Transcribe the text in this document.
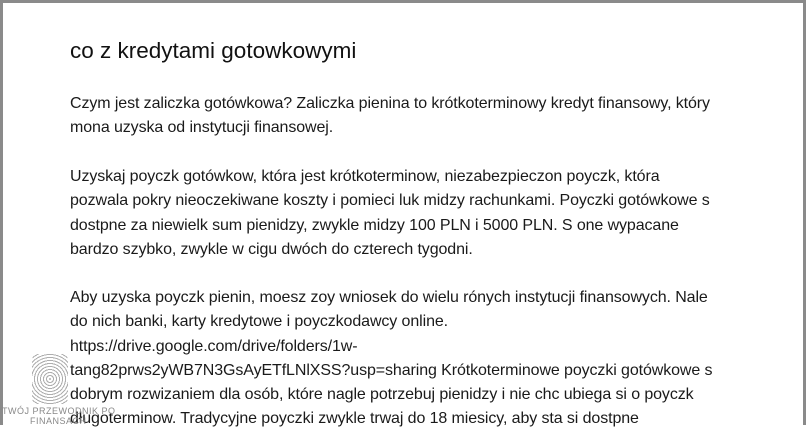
co z kredytami gotowkowymi
Czym jest zaliczka gotówkowa? Zaliczka pienina to krótkoterminowy kredyt finansowy, który
mona uzyska od instytucji finansowej.
Uzyskaj poyczk gotówkow, która jest krótkoterminow, niezabezpieczon poyczk, która
pozwala pokry nieoczekiwane koszty i pomieci luk midzy rachunkami. Poyczki gotówkowe s
dostpne za niewielk sum pienidzy, zwykle midzy 100 PLN i 5000 PLN. S one wypacane
bardzo szybko, zwykle w cigu dwóch do czterech tygodni.
Aby uzyska poyczk pienin, moesz zoy wniosek do wielu rónych instytucji finansowych. Nale
do nich banki, karty kredytowe i poyczkodawcy online.
https://drive.google.com/drive/folders/1w-
tang82prws2yWB7N3GsAyETfLNlXSS?usp=sharing Krótkoterminowe poyczki gotówkowe s
dobrym rozwizaniem dla osób, które nagle potrzebuj pienidzy i nie chc ubiega si o poyczk
długoterminow. Tradycyjne poyczki zwykle trwaj do 18 miesicy, aby sta si dostpne
TWÓJ PRZEWODNIK PO
FINANSACH
